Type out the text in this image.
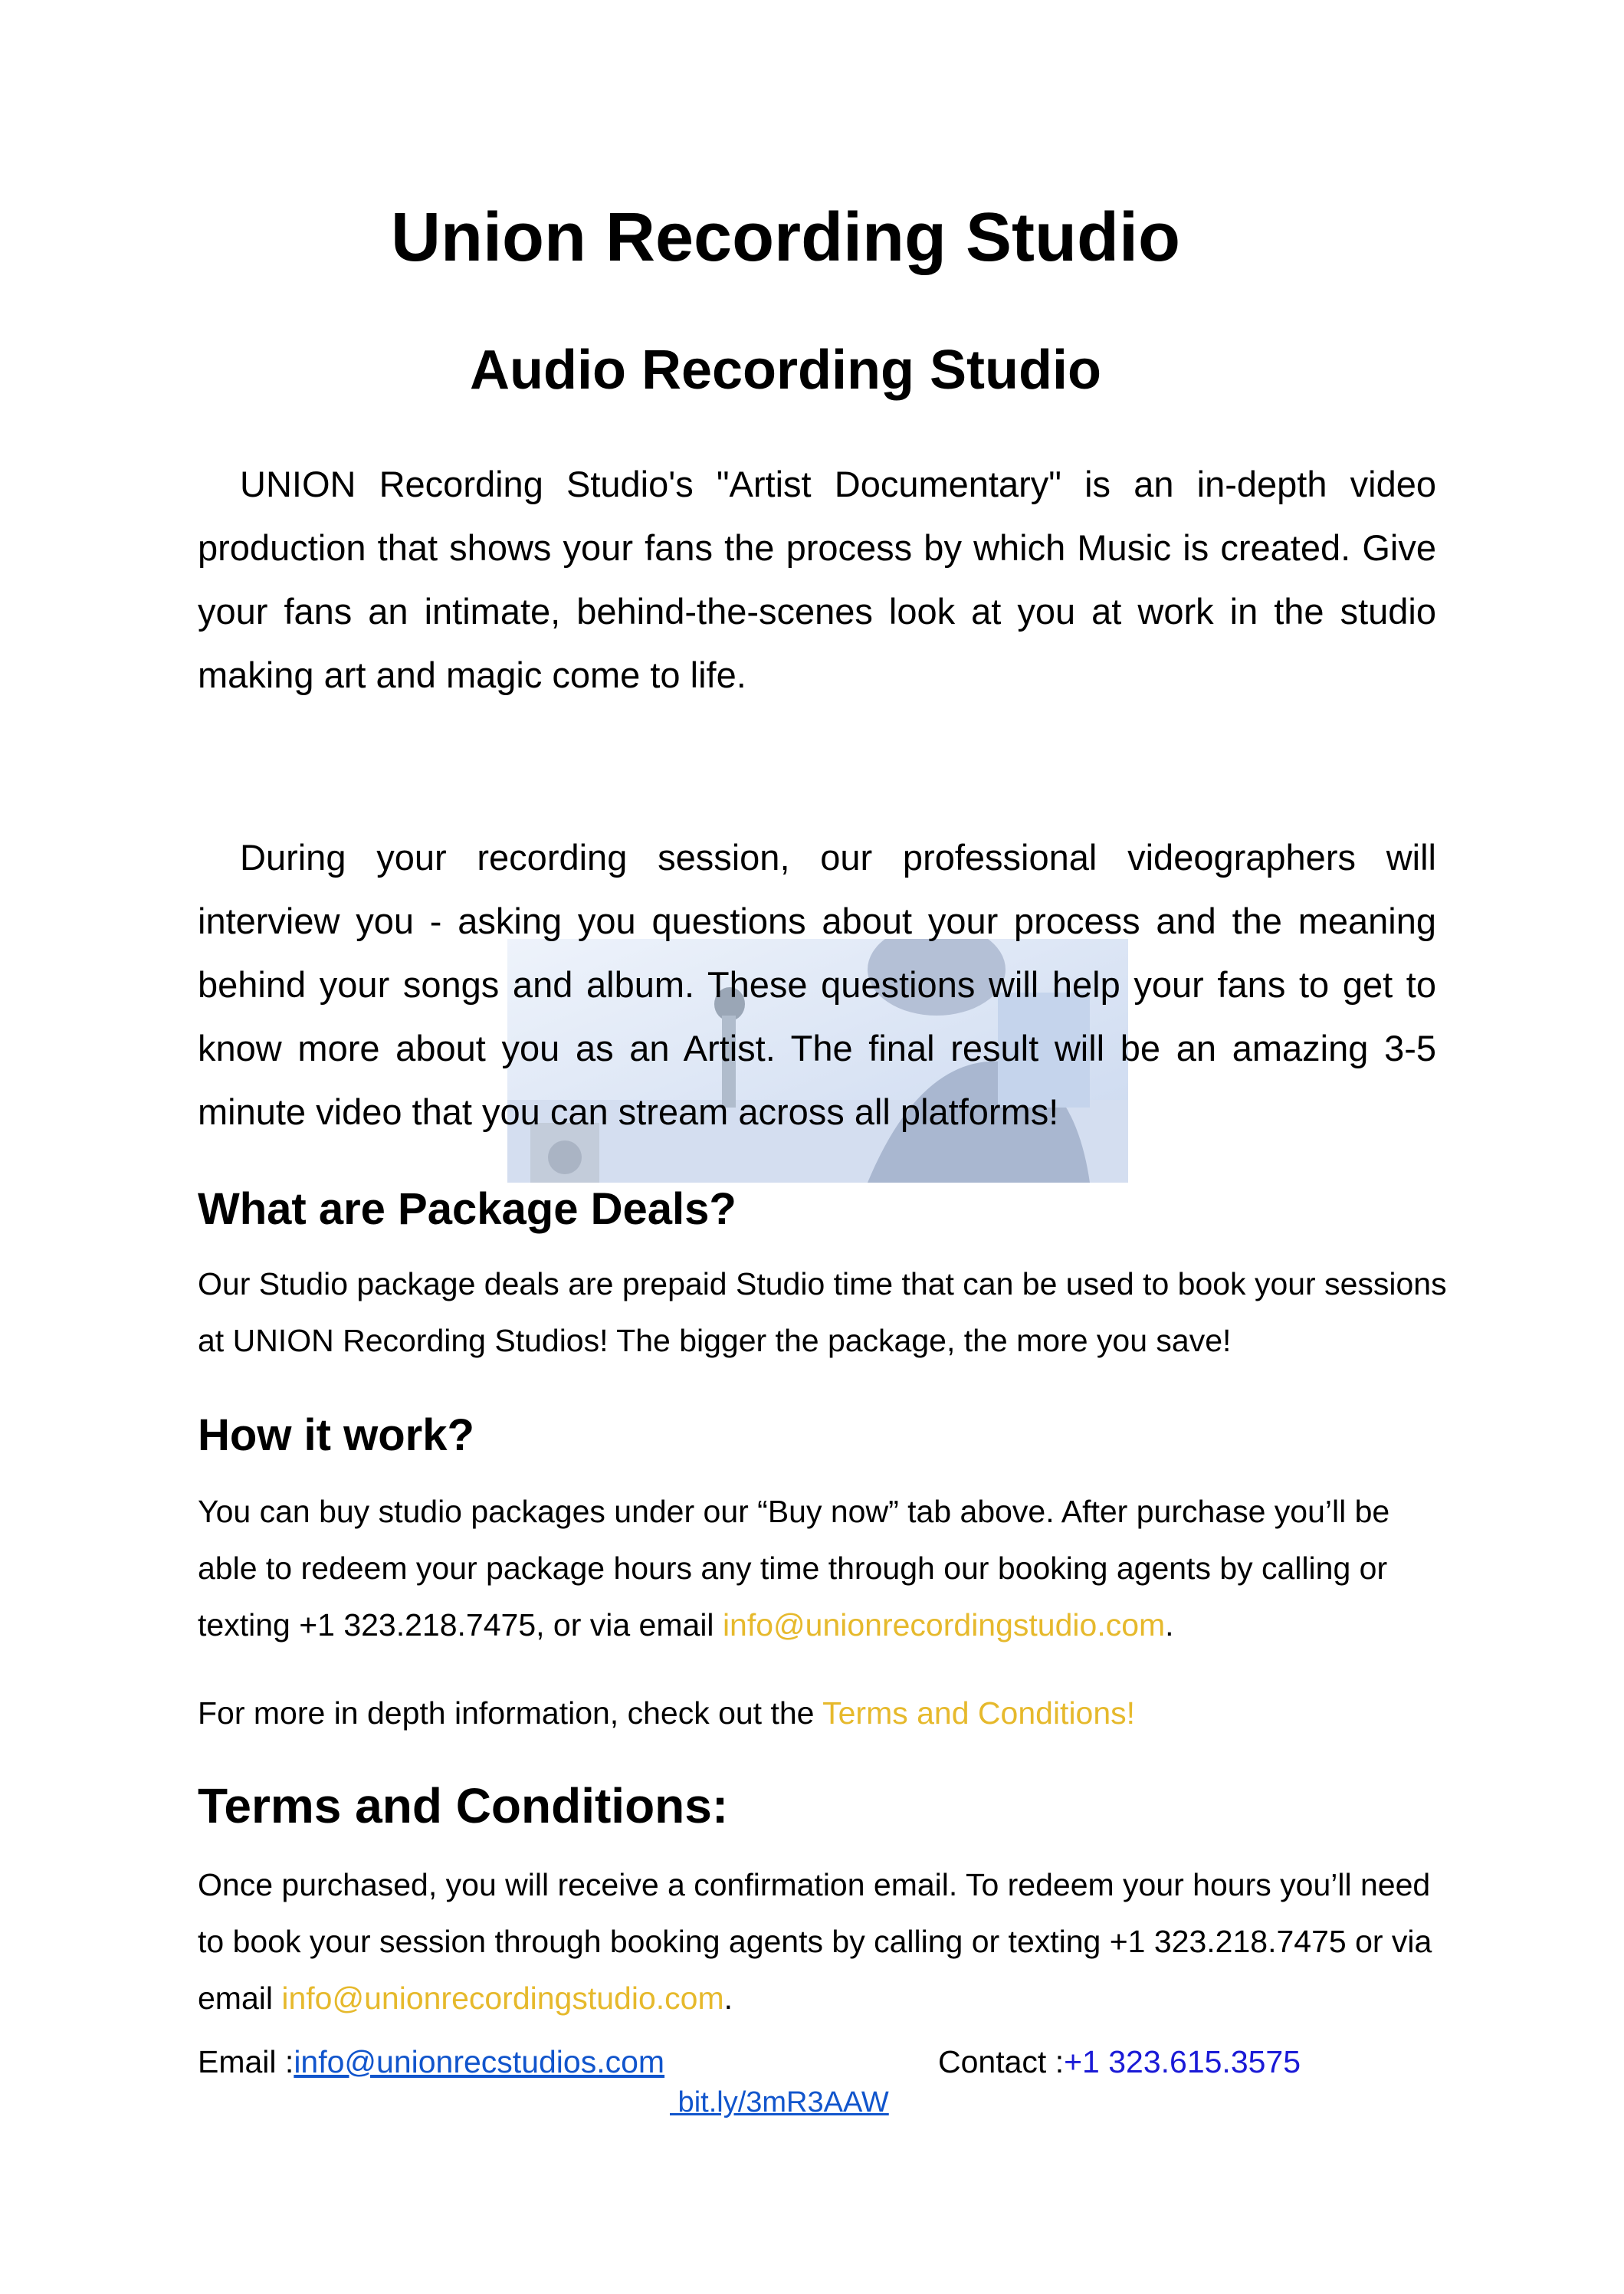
Union Recording Studio
Audio Recording Studio

UNION Recording Studio's "Artist Documentary" is an in-depth video production that shows your fans the process by which Music is created. Give your fans an intimate, behind-the-scenes look at you at work in the studio making art and magic come to life.

During your recording session, our professional videographers will interview you - asking you questions about your process and the meaning behind your songs and album. These questions will help your fans to get to know more about you as an Artist. The final result will be an amazing 3-5 minute video that you can stream across all platforms!

What are Package Deals?

Our Studio package deals are prepaid Studio time that can be used to book your sessions at UNION Recording Studios! The bigger the package, the more you save!

How it work?

You can buy studio packages under our “Buy now” tab above. After purchase you’ll be able to redeem your package hours any time through our booking agents by calling or texting +1 323.218.7475, or via email info@unionrecordingstudio.com.

For more in depth information, check out the Terms and Conditions!

Terms and Conditions:

Once purchased, you will receive a confirmation email. To redeem your hours you’ll need to book your session through booking agents by calling or texting +1 323.218.7475 or via email info@unionrecordingstudio.com.

Email :info@unionrecstudios.com	Contact :+1 323.615.3575
bit.ly/3mR3AAW
